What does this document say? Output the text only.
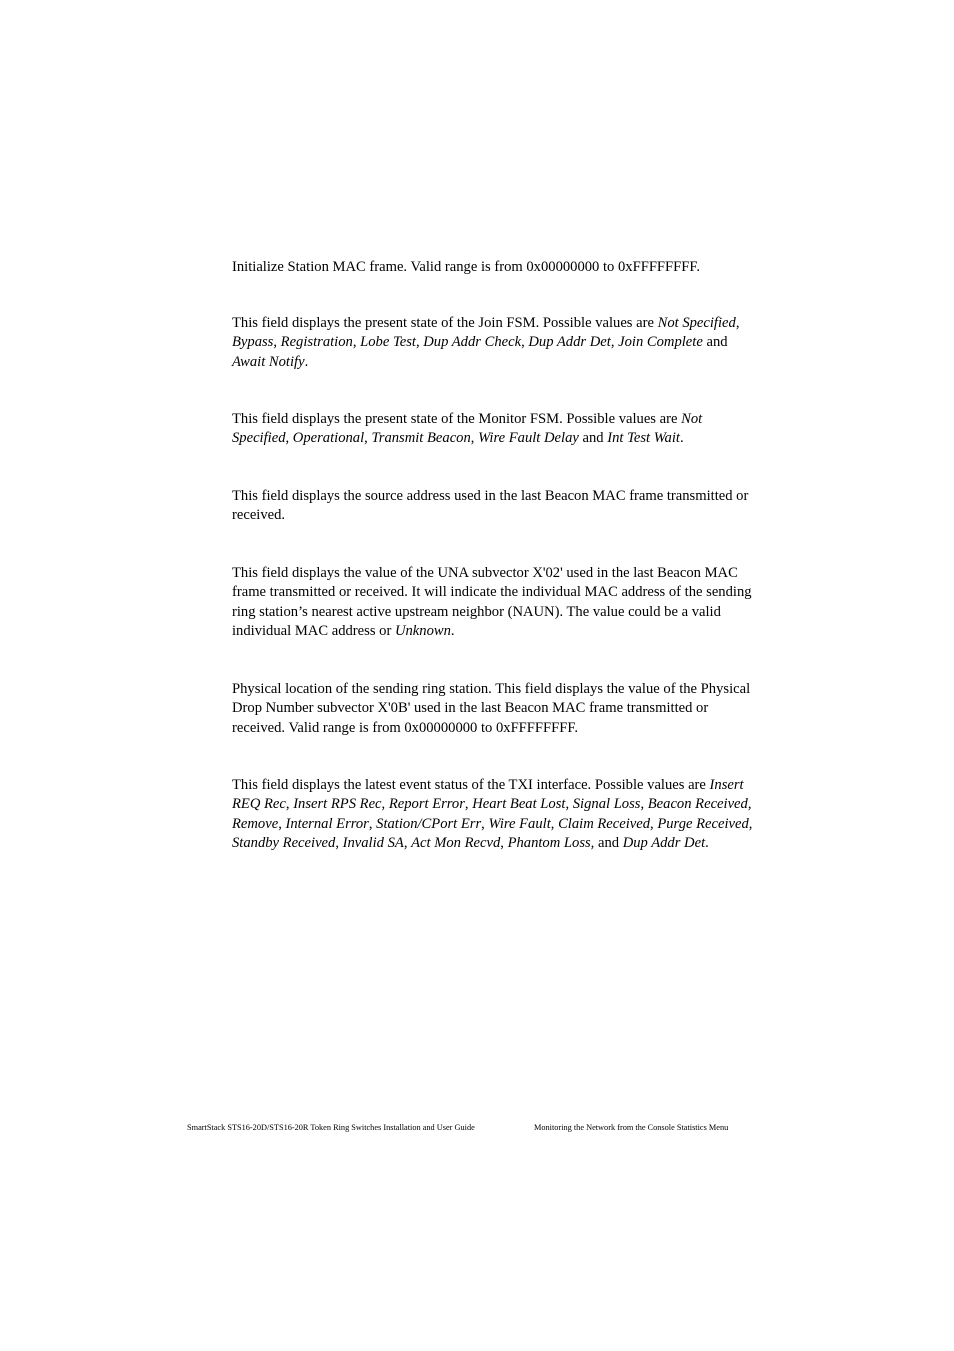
Initialize Station MAC frame. Valid range is from 0x00000000 to 0xFFFFFFFF.

This field displays the present state of the Join FSM. Possible values are Not Specified, Bypass, Registration, Lobe Test, Dup Addr Check, Dup Addr Det, Join Complete and Await Notify.

This field displays the present state of the Monitor FSM. Possible values are Not Specified, Operational, Transmit Beacon, Wire Fault Delay and Int Test Wait.

This field displays the source address used in the last Beacon MAC frame transmitted or received.

This field displays the value of the UNA subvector X'02' used in the last Beacon MAC frame transmitted or received. It will indicate the individual MAC address of the sending ring station’s nearest active upstream neighbor (NAUN). The value could be a valid individual MAC address or Unknown.

Physical location of the sending ring station. This field displays the value of the Physical Drop Number subvector X'0B' used in the last Beacon MAC frame transmitted or received. Valid range is from 0x00000000 to 0xFFFFFFFF.

This field displays the latest event status of the TXI interface. Possible values are Insert REQ Rec, Insert RPS Rec, Report Error, Heart Beat Lost, Signal Loss, Beacon Received, Remove, Internal Error, Station/CPort Err, Wire Fault, Claim Received, Purge Received, Standby Received, Invalid SA, Act Mon Recvd, Phantom Loss, and Dup Addr Det.

SmartStack STS16-20D/STS16-20R Token Ring Switches Installation and User Guide	Monitoring the Network from the Console Statistics Menu
